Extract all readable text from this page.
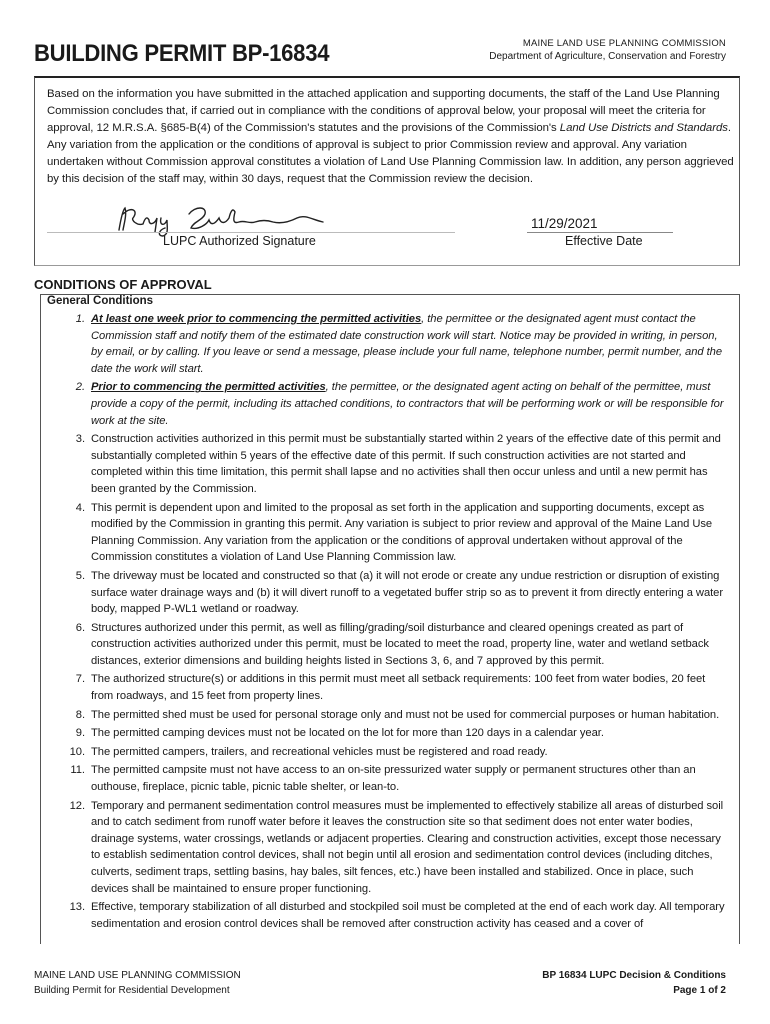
BUILDING PERMIT BP-16834	MAINE LAND USE PLANNING COMMISSION
Department of Agriculture, Conservation and Forestry
Based on the information you have submitted in the attached application and supporting documents, the staff of the Land Use Planning Commission concludes that, if carried out in compliance with the conditions of approval below, your proposal will meet the criteria for approval, 12 M.R.S.A. §685-B(4) of the Commission's statutes and the provisions of the Commission's Land Use Districts and Standards. Any variation from the application or the conditions of approval is subject to prior Commission review and approval. Any variation undertaken without Commission approval constitutes a violation of Land Use Planning Commission law. In addition, any person aggrieved by this decision of the staff may, within 30 days, request that the Commission review the decision.
LUPC Authorized Signature
11/29/2021
Effective Date
CONDITIONS OF APPROVAL
General Conditions
1. At least one week prior to commencing the permitted activities, the permittee or the designated agent must contact the Commission staff and notify them of the estimated date construction work will start. Notice may be provided in writing, in person, by email, or by calling. If you leave or send a message, please include your full name, telephone number, permit number, and the date the work will start.
2. Prior to commencing the permitted activities, the permittee, or the designated agent acting on behalf of the permittee, must provide a copy of the permit, including its attached conditions, to contractors that will be performing work or will be responsible for work at the site.
3. Construction activities authorized in this permit must be substantially started within 2 years of the effective date of this permit and substantially completed within 5 years of the effective date of this permit. If such construction activities are not started and completed within this time limitation, this permit shall lapse and no activities shall then occur unless and until a new permit has been granted by the Commission.
4. This permit is dependent upon and limited to the proposal as set forth in the application and supporting documents, except as modified by the Commission in granting this permit. Any variation is subject to prior review and approval of the Maine Land Use Planning Commission. Any variation from the application or the conditions of approval undertaken without approval of the Commission constitutes a violation of Land Use Planning Commission law.
5. The driveway must be located and constructed so that (a) it will not erode or create any undue restriction or disruption of existing surface water drainage ways and (b) it will divert runoff to a vegetated buffer strip so as to prevent it from directly entering a water body, mapped P-WL1 wetland or roadway.
6. Structures authorized under this permit, as well as filling/grading/soil disturbance and cleared openings created as part of construction activities authorized under this permit, must be located to meet the road, property line, water and wetland setback distances, exterior dimensions and building heights listed in Sections 3, 6, and 7 approved by this permit.
7. The authorized structure(s) or additions in this permit must meet all setback requirements: 100 feet from water bodies, 20 feet from roadways, and 15 feet from property lines.
8. The permitted shed must be used for personal storage only and must not be used for commercial purposes or human habitation.
9. The permitted camping devices must not be located on the lot for more than 120 days in a calendar year.
10. The permitted campers, trailers, and recreational vehicles must be registered and road ready.
11. The permitted campsite must not have access to an on-site pressurized water supply or permanent structures other than an outhouse, fireplace, picnic table, picnic table shelter, or lean-to.
12. Temporary and permanent sedimentation control measures must be implemented to effectively stabilize all areas of disturbed soil and to catch sediment from runoff water before it leaves the construction site so that sediment does not enter water bodies, drainage systems, water crossings, wetlands or adjacent properties. Clearing and construction activities, except those necessary to establish sedimentation control devices, shall not begin until all erosion and sedimentation control devices (including ditches, culverts, sediment traps, settling basins, hay bales, silt fences, etc.) have been installed and stabilized. Once in place, such devices shall be maintained to ensure proper functioning.
13. Effective, temporary stabilization of all disturbed and stockpiled soil must be completed at the end of each work day. All temporary sedimentation and erosion control devices shall be removed after construction activity has ceased and a cover of
MAINE LAND USE PLANNING COMMISSION
Building Permit for Residential Development
BP 16834 LUPC Decision & Conditions
Page 1 of 2
